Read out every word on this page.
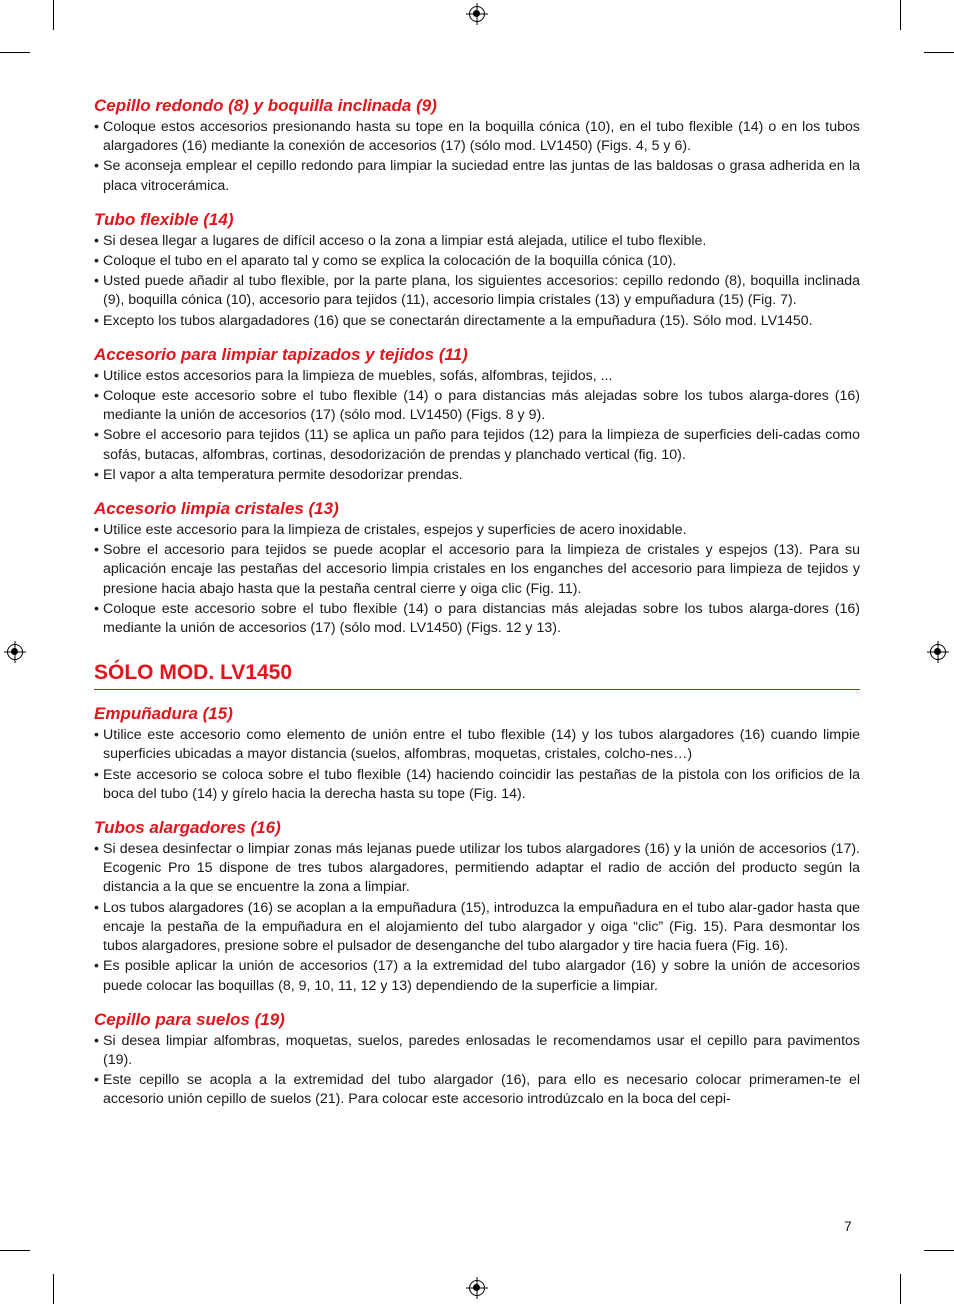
Cepillo redondo (8) y boquilla inclinada (9)
• Coloque estos accesorios presionando hasta su tope en la boquilla cónica (10), en el tubo flexible (14) o en los tubos alargadores (16) mediante la conexión de accesorios (17) (sólo mod. LV1450) (Figs. 4, 5 y 6).
• Se aconseja emplear el cepillo redondo para limpiar la suciedad entre las juntas de las baldosas o grasa adherida en la placa vitrocerámica.
Tubo flexible (14)
• Si desea llegar a lugares de difícil acceso o la zona a limpiar está alejada, utilice el tubo flexible.
• Coloque el tubo en el aparato tal y como se explica la colocación de la boquilla cónica (10).
• Usted puede añadir al tubo flexible, por la parte plana, los siguientes accesorios: cepillo redondo (8), boquilla inclinada (9), boquilla cónica (10), accesorio para tejidos (11), accesorio limpia cristales (13) y empuñadura (15) (Fig. 7).
• Excepto los tubos alargadadores (16) que se conectarán directamente a la empuñadura (15). Sólo mod. LV1450.
Accesorio para limpiar tapizados y tejidos (11)
• Utilice estos accesorios para la limpieza de muebles, sofás, alfombras, tejidos, ...
• Coloque este accesorio sobre el tubo flexible (14) o para distancias más alejadas sobre los tubos alarga-dores (16) mediante la unión de accesorios (17) (sólo mod. LV1450) (Figs. 8 y 9).
• Sobre el accesorio para tejidos (11) se aplica un paño para tejidos (12) para la limpieza de superficies deli-cadas como sofás, butacas, alfombras, cortinas, desodorización de prendas y planchado vertical (fig. 10).
• El vapor a alta temperatura permite desodorizar prendas.
Accesorio limpia cristales (13)
• Utilice este accesorio para la limpieza de cristales, espejos y superficies de acero inoxidable.
• Sobre el accesorio para tejidos se puede acoplar el accesorio para la limpieza de cristales y espejos (13). Para su aplicación encaje las pestañas del accesorio limpia cristales en los enganches del accesorio para limpieza de tejidos y presione hacia abajo hasta que la pestaña central cierre y oiga clic (Fig. 11).
• Coloque este accesorio sobre el tubo flexible (14) o para distancias más alejadas sobre los tubos alarga-dores (16) mediante la unión de accesorios (17) (sólo mod. LV1450) (Figs. 12 y 13).
SÓLO MOD. LV1450
Empuñadura (15)
• Utilice este accesorio como elemento de unión entre el tubo flexible (14) y los tubos alargadores (16) cuando limpie superficies ubicadas a mayor distancia (suelos, alfombras, moquetas, cristales, colcho-nes…)
• Este accesorio se coloca sobre el tubo flexible (14) haciendo coincidir las pestañas de la pistola con los orificios de la boca del tubo (14) y gírelo hacia la derecha hasta su tope (Fig. 14).
Tubos alargadores (16)
• Si desea desinfectar o limpiar zonas más lejanas puede utilizar los tubos alargadores (16) y la unión de accesorios (17). Ecogenic Pro 15 dispone de tres tubos alargadores, permitiendo adaptar el radio de acción del producto según la distancia a la que se encuentre la zona a limpiar.
• Los tubos alargadores (16) se acoplan a la empuñadura (15), introduzca la empuñadura en el tubo alar-gador hasta que encaje la pestaña de la empuñadura en el alojamiento del tubo alargador y oiga “clic” (Fig. 15). Para desmontar los tubos alargadores, presione sobre el pulsador de desenganche del tubo alargador y tire hacia fuera (Fig. 16).
• Es posible aplicar la unión de accesorios (17) a la extremidad del tubo alargador (16) y sobre la unión de accesorios puede colocar las boquillas (8, 9, 10, 11, 12 y 13) dependiendo de la superficie a limpiar.
Cepillo para suelos (19)
• Si desea limpiar alfombras, moquetas, suelos, paredes enlosadas le recomendamos usar el cepillo para pavimentos (19).
• Este cepillo se acopla a la extremidad del tubo alargador (16), para ello es necesario colocar primeramen-te el accesorio unión cepillo de suelos (21). Para colocar este accesorio introdúzcalo en la boca del cepi-
7
